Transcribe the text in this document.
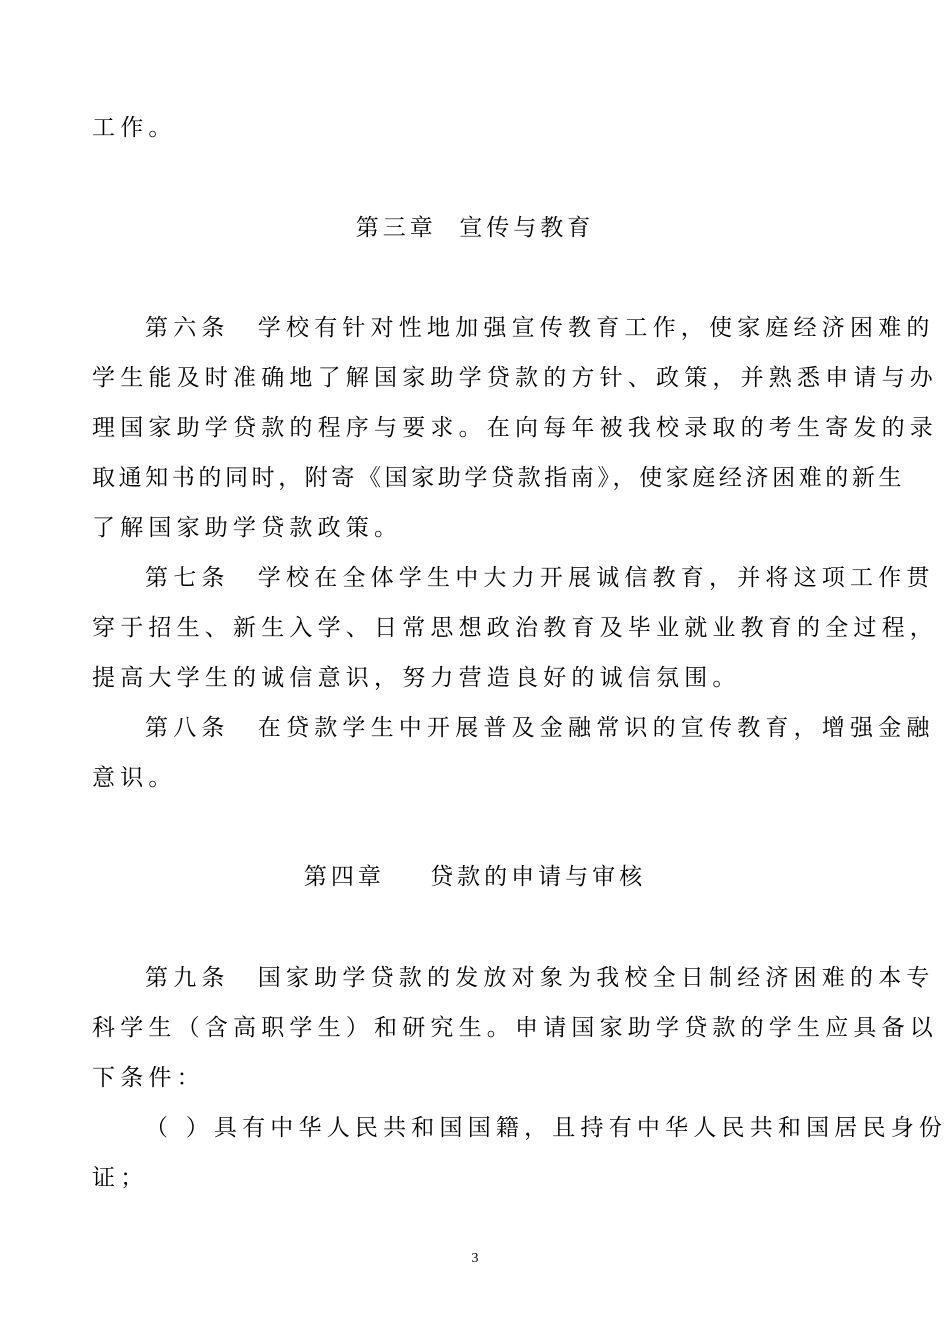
工作。
第三章  宣传与教育
第六条　学校有针对性地加强宣传教育工作，使家庭经济困难的
学生能及时准确地了解国家助学贷款的方针、政策，并熟悉申请与办
理国家助学贷款的程序与要求。在向每年被我校录取的考生寄发的录
取通知书的同时，附寄《国家助学贷款指南》，使家庭经济困难的新生
了解国家助学贷款政策。
第七条　学校在全体学生中大力开展诚信教育，并将这项工作贯
穿于招生、新生入学、日常思想政治教育及毕业就业教育的全过程，
提高大学生的诚信意识，努力营造良好的诚信氛围。
第八条　在贷款学生中开展普及金融常识的宣传教育，增强金融
意识。
第四章    贷款的申请与审核
第九条　国家助学贷款的发放对象为我校全日制经济困难的本专
科学生（含高职学生）和研究生。申请国家助学贷款的学生应具备以
下条件：
（ ）具有中华人民共和国国籍，且持有中华人民共和国居民身份
证；
3
